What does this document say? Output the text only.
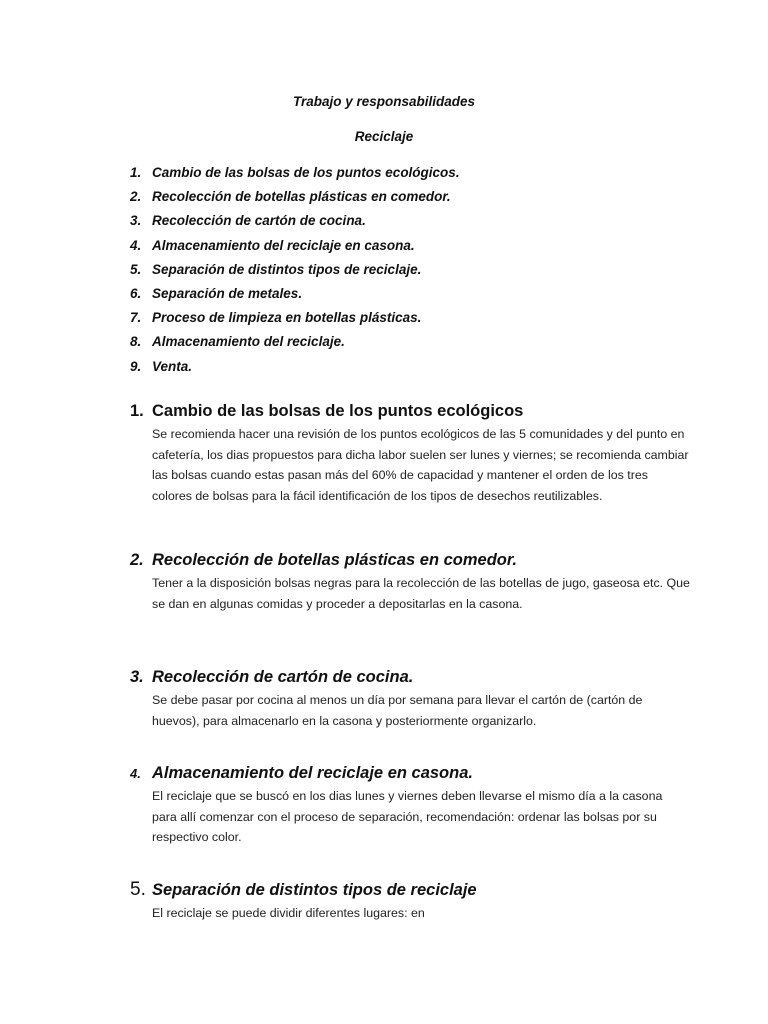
Trabajo y responsabilidades
Reciclaje
1. Cambio de las bolsas de los puntos ecológicos.
2. Recolección de botellas plásticas en comedor.
3. Recolección de cartón de cocina.
4. Almacenamiento del reciclaje en casona.
5. Separación de distintos tipos de reciclaje.
6. Separación de metales.
7. Proceso de limpieza en botellas plásticas.
8. Almacenamiento del reciclaje.
9. Venta.
1. Cambio de las bolsas de los puntos ecológicos

Se recomienda hacer una revisión de los puntos ecológicos de las 5 comunidades y del punto en cafetería, los dias propuestos para dicha labor suelen ser lunes y viernes; se recomienda cambiar las bolsas cuando estas pasan más del 60% de capacidad y mantener el orden de los tres colores de bolsas para la fácil identificación de los tipos de desechos reutilizables.

2. Recolección de botellas plásticas en comedor.

Tener a la disposición bolsas negras para la recolección de las botellas de jugo, gaseosa etc. Que se dan en algunas comidas y proceder a depositarlas en la casona.

3. Recolección de cartón de cocina.

Se debe pasar por cocina al menos un día por semana para llevar el cartón de (cartón de huevos), para almacenarlo en la casona y posteriormente organizarlo.

4. Almacenamiento del reciclaje en casona.

El reciclaje que se buscó en los dias lunes y viernes deben llevarse el mismo día a la casona para allí comenzar con el proceso de separación, recomendación: ordenar las bolsas por su respectivo color.

5. Separación de distintos tipos de reciclaje

El reciclaje se puede dividir diferentes lugares: en
